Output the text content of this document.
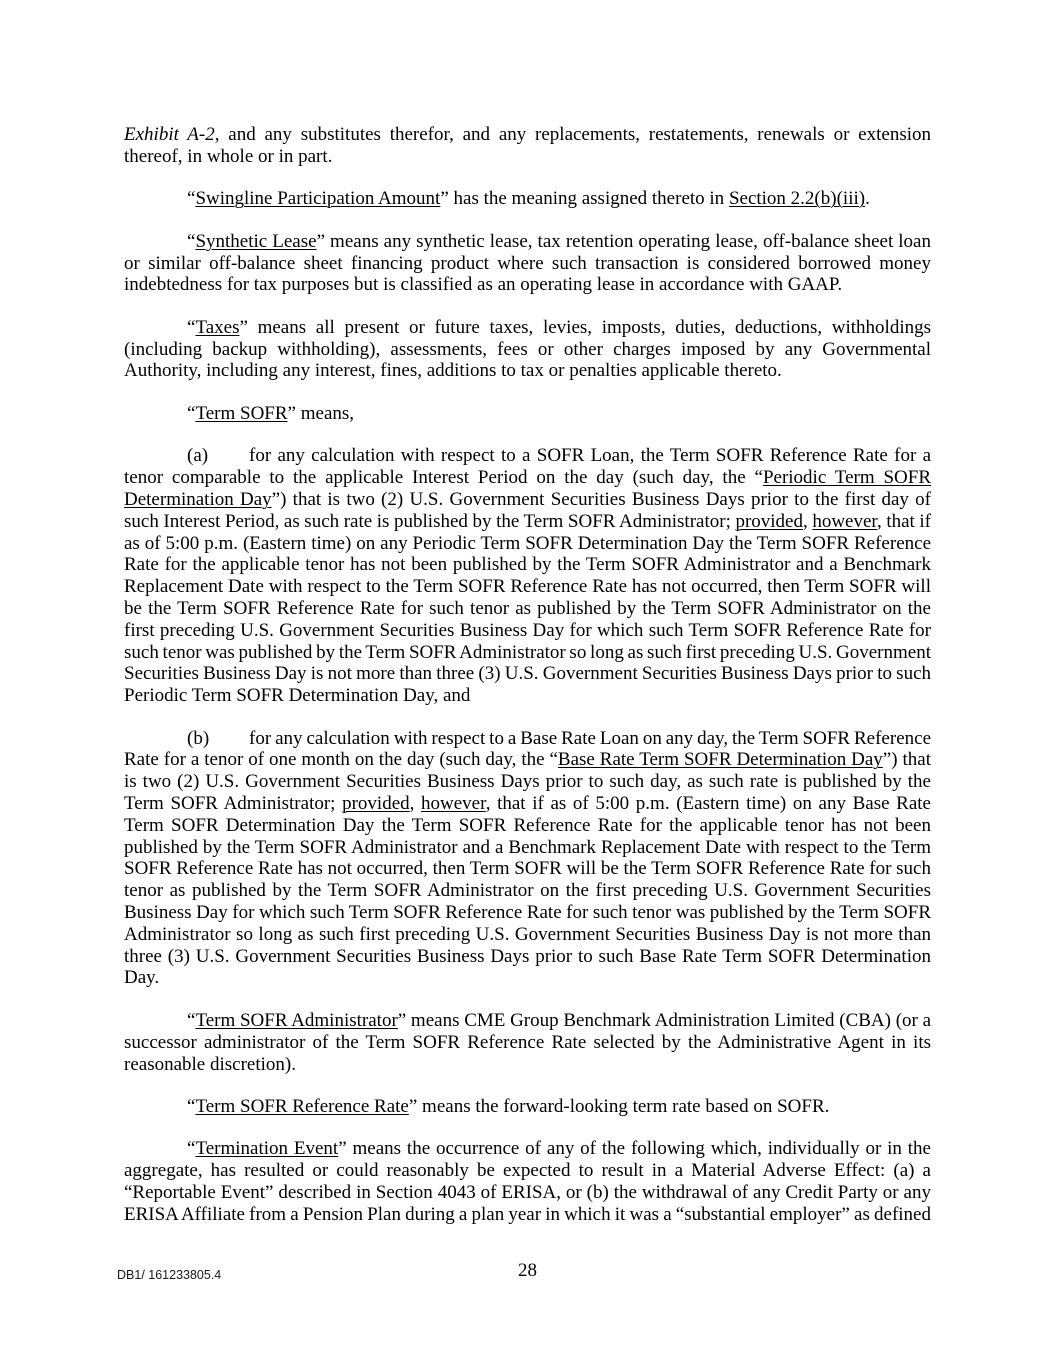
Exhibit A-2, and any substitutes therefor, and any replacements, restatements, renewals or extension
thereof, in whole or in part.
“Swingline Participation Amount” has the meaning assigned thereto in Section 2.2(b)(iii).
“Synthetic Lease” means any synthetic lease, tax retention operating lease, off-balance sheet loan
or similar off-balance sheet financing product where such transaction is considered borrowed money
indebtedness for tax purposes but is classified as an operating lease in accordance with GAAP.
“Taxes” means all present or future taxes, levies, imposts, duties, deductions, withholdings
(including backup withholding), assessments, fees or other charges imposed by any Governmental
Authority, including any interest, fines, additions to tax or penalties applicable thereto.
“Term SOFR” means,
(a) for any calculation with respect to a SOFR Loan, the Term SOFR Reference Rate for a
tenor comparable to the applicable Interest Period on the day (such day, the “Periodic Term SOFR
Determination Day”) that is two (2) U.S. Government Securities Business Days prior to the first day of
such Interest Period, as such rate is published by the Term SOFR Administrator; provided, however, that if
as of 5:00 p.m. (Eastern time) on any Periodic Term SOFR Determination Day the Term SOFR Reference
Rate for the applicable tenor has not been published by the Term SOFR Administrator and a Benchmark
Replacement Date with respect to the Term SOFR Reference Rate has not occurred, then Term SOFR will
be the Term SOFR Reference Rate for such tenor as published by the Term SOFR Administrator on the
first preceding U.S. Government Securities Business Day for which such Term SOFR Reference Rate for
such tenor was published by the Term SOFR Administrator so long as such first preceding U.S. Government
Securities Business Day is not more than three (3) U.S. Government Securities Business Days prior to such
Periodic Term SOFR Determination Day, and
(b) for any calculation with respect to a Base Rate Loan on any day, the Term SOFR Reference
Rate for a tenor of one month on the day (such day, the “Base Rate Term SOFR Determination Day”) that
is two (2) U.S. Government Securities Business Days prior to such day, as such rate is published by the
Term SOFR Administrator; provided, however, that if as of 5:00 p.m. (Eastern time) on any Base Rate
Term SOFR Determination Day the Term SOFR Reference Rate for the applicable tenor has not been
published by the Term SOFR Administrator and a Benchmark Replacement Date with respect to the Term
SOFR Reference Rate has not occurred, then Term SOFR will be the Term SOFR Reference Rate for such
tenor as published by the Term SOFR Administrator on the first preceding U.S. Government Securities
Business Day for which such Term SOFR Reference Rate for such tenor was published by the Term SOFR
Administrator so long as such first preceding U.S. Government Securities Business Day is not more than
three (3) U.S. Government Securities Business Days prior to such Base Rate Term SOFR Determination
Day.
“Term SOFR Administrator” means CME Group Benchmark Administration Limited (CBA) (or a
successor administrator of the Term SOFR Reference Rate selected by the Administrative Agent in its
reasonable discretion).
“Term SOFR Reference Rate” means the forward-looking term rate based on SOFR.
“Termination Event” means the occurrence of any of the following which, individually or in the
aggregate, has resulted or could reasonably be expected to result in a Material Adverse Effect: (a) a
“Reportable Event” described in Section 4043 of ERISA, or (b) the withdrawal of any Credit Party or any
ERISA Affiliate from a Pension Plan during a plan year in which it was a “substantial employer” as defined
DB1/ 161233805.4	28
